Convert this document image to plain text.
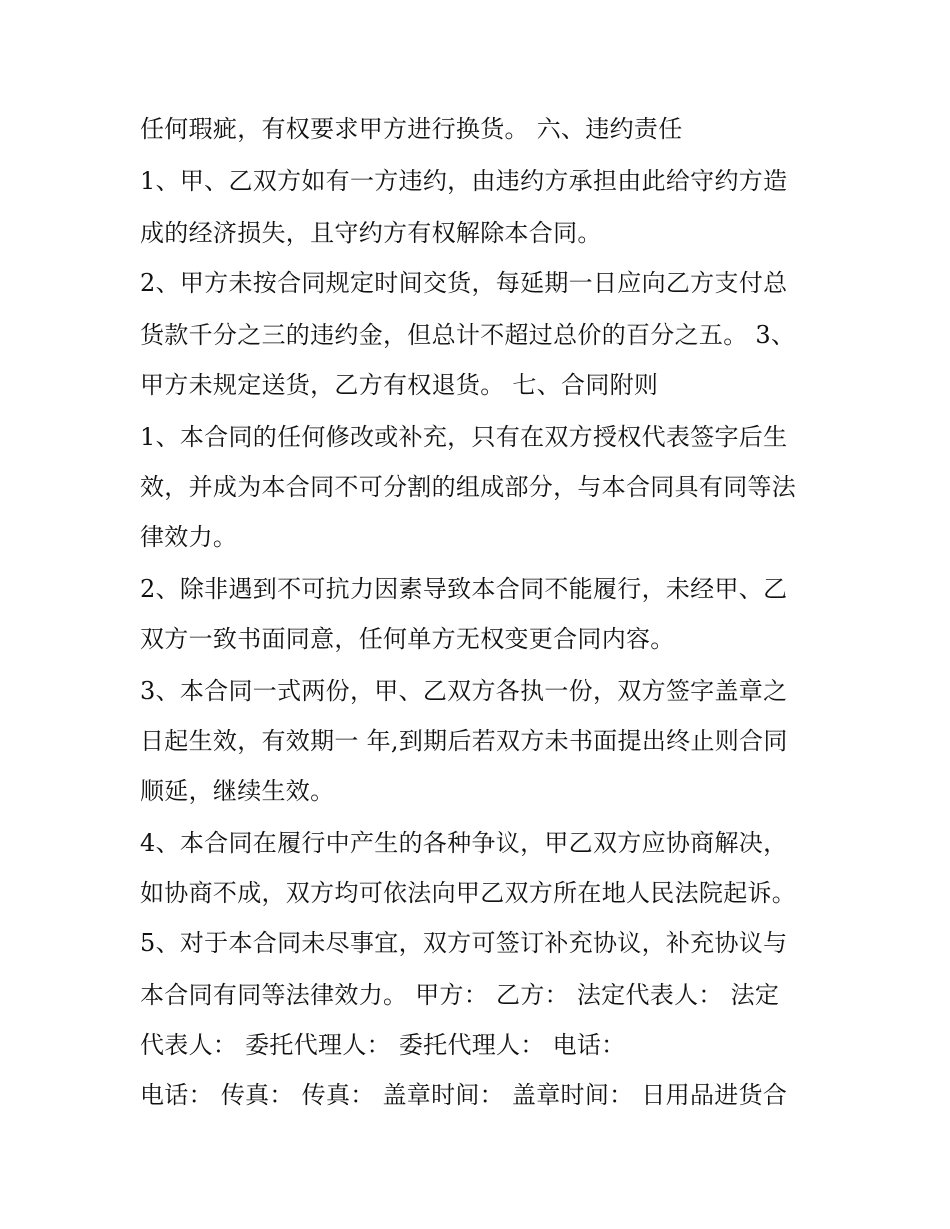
任何瑕疵，有权要求甲方进行换货。 六、违约责任
1、甲、乙双方如有一方违约，由违约方承担由此给守约方造
成的经济损失，且守约方有权解除本合同。
2、甲方未按合同规定时间交货，每延期一日应向乙方支付总
货款千分之三的违约金，但总计不超过总价的百分之五。 3、
甲方未规定送货，乙方有权退货。 七、合同附则
1、本合同的任何修改或补充，只有在双方授权代表签字后生
效，并成为本合同不可分割的组成部分，与本合同具有同等法
律效力。
2、除非遇到不可抗力因素导致本合同不能履行，未经甲、乙
双方一致书面同意，任何单方无权变更合同内容。
3、本合同一式两份，甲、乙双方各执一份，双方签字盖章之
日起生效，有效期一 年,到期后若双方未书面提出终止则合同
顺延，继续生效。
4、本合同在履行中产生的各种争议，甲乙双方应协商解决，
如协商不成，双方均可依法向甲乙双方所在地人民法院起诉。
5、对于本合同未尽事宜，双方可签订补充协议，补充协议与
本合同有同等法律效力。 甲方： 乙方： 法定代表人： 法定
代表人： 委托代理人： 委托代理人： 电话：
电话： 传真： 传真： 盖章时间： 盖章时间： 日用品进货合
